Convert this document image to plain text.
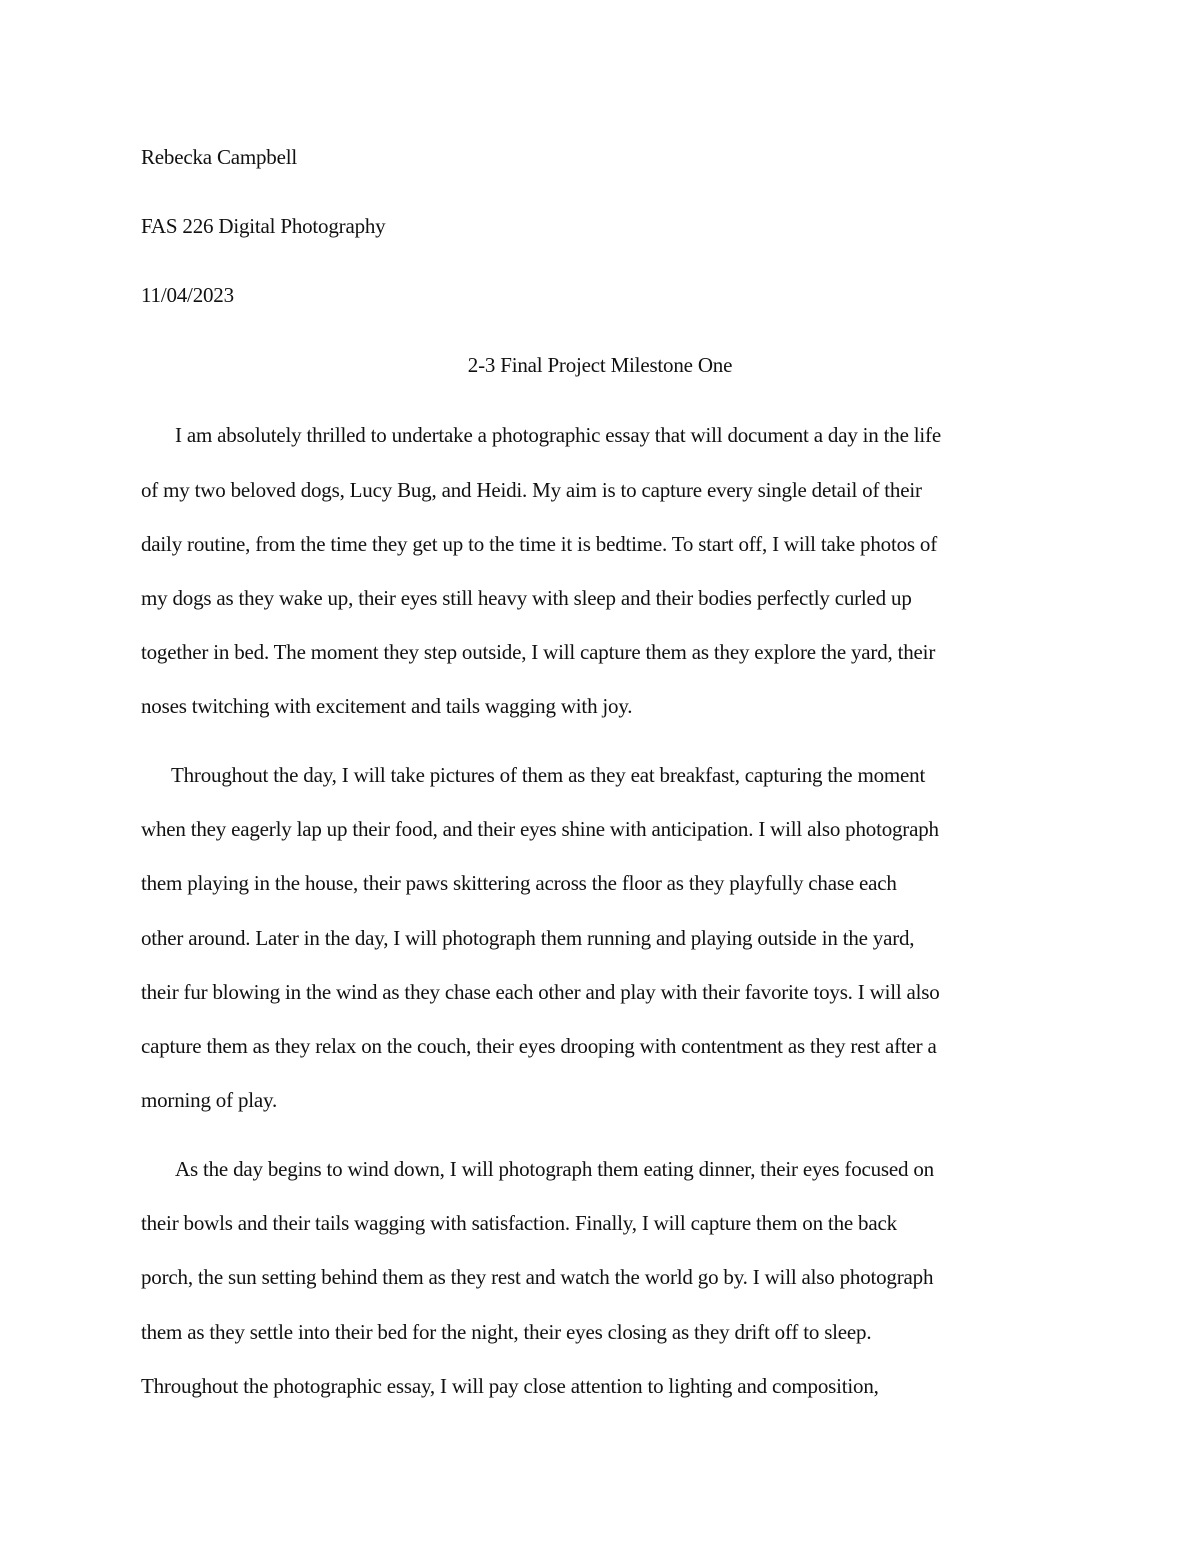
Rebecka Campbell
FAS 226 Digital Photography
11/04/2023
2-3 Final Project Milestone One
I am absolutely thrilled to undertake a photographic essay that will document a day in the life
of my two beloved dogs, Lucy Bug, and Heidi. My aim is to capture every single detail of their
daily routine, from the time they get up to the time it is bedtime. To start off, I will take photos of
my dogs as they wake up, their eyes still heavy with sleep and their bodies perfectly curled up
together in bed. The moment they step outside, I will capture them as they explore the yard, their
noses twitching with excitement and tails wagging with joy.
Throughout the day, I will take pictures of them as they eat breakfast, capturing the moment
when they eagerly lap up their food, and their eyes shine with anticipation. I will also photograph
them playing in the house, their paws skittering across the floor as they playfully chase each
other around. Later in the day, I will photograph them running and playing outside in the yard,
their fur blowing in the wind as they chase each other and play with their favorite toys. I will also
capture them as they relax on the couch, their eyes drooping with contentment as they rest after a
morning of play.
As the day begins to wind down, I will photograph them eating dinner, their eyes focused on
their bowls and their tails wagging with satisfaction. Finally, I will capture them on the back
porch, the sun setting behind them as they rest and watch the world go by. I will also photograph
them as they settle into their bed for the night, their eyes closing as they drift off to sleep.
Throughout the photographic essay, I will pay close attention to lighting and composition,
